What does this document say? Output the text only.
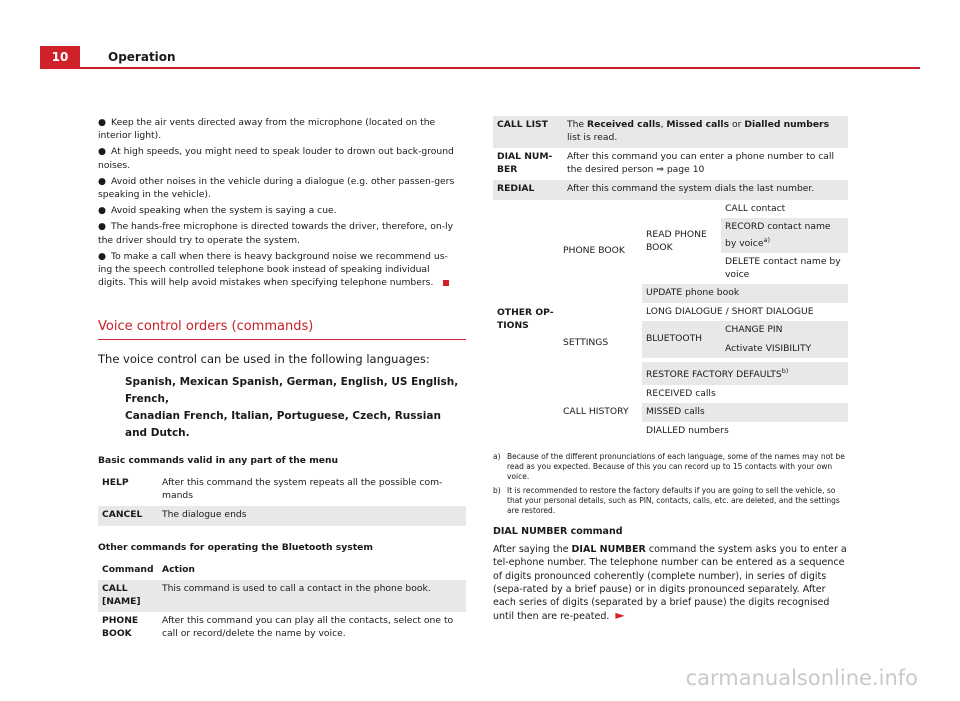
10	Operation
● Keep the air vents directed away from the microphone (located on the interior light).
● At high speeds, you might need to speak louder to drown out back-ground noises.
● Avoid other noises in the vehicle during a dialogue (e.g. other passen-gers speaking in the vehicle).
● Avoid speaking when the system is saying a cue.
● The hands-free microphone is directed towards the driver, therefore, on-ly the driver should try to operate the system.
● To make a call when there is heavy background noise we recommend us-ing the speech controlled telephone book instead of speaking individual digits. This will help avoid mistakes when specifying telephone numbers.
Voice control orders (commands)
The voice control can be used in the following languages:
Spanish, Mexican Spanish, German, English, US English, French,
Canadian French, Italian, Portuguese, Czech, Russian and Dutch.
Basic commands valid in any part of the menu
HELP	After this command the system repeats all the possible com-mands
CANCEL	The dialogue ends
Other commands for operating the Bluetooth system
Command	Action
CALL [NAME]	This command is used to call a contact in the phone book.
PHONE BOOK	After this command you can play all the contacts, select one to call or record/delete the name by voice.
CALL LIST	The Received calls, Missed calls or Dialled numbers list is read.
DIAL NUM-BER	After this command you can enter a phone number to call the desired person ⇒ page 10
REDIAL	After this command the system dials the last number.
OTHER OP-TIONS	PHONE BOOK	READ PHONE BOOK	CALL contact
			RECORD contact name by voice$^{a)}$
			DELETE contact name by voice
		UPDATE phone book	
	SETTINGS	LONG DIALOGUE / SHORT DIALOGUE	
		BLUETOOTH	CHANGE PIN
			Activate VISIBILITY

		RESTORE FACTORY DEFAULTS$^{b)}$
	CALL HISTORY	RECEIVED calls	
		MISSED calls	
		DIALLED numbers	
a) Because of the different pronunciations of each language, some of the names may not be read as you expected. Because of this you can record up to 15 contacts with your own voice.
b) It is recommended to restore the factory defaults if you are going to sell the vehicle, so that your personal details, such as PIN, contacts, calls, etc. are deleted, and the settings are restored.
DIAL NUMBER command
After saying the DIAL NUMBER command the system asks you to enter a tel-ephone number. The telephone number can be entered as a sequence of digits pronounced coherently (complete number), in series of digits (sepa-rated by a brief pause) or in digits pronounced separately. After each series of digits (separated by a brief pause) the digits recognised until then are re-peated. ►
carmanualsonline.info
